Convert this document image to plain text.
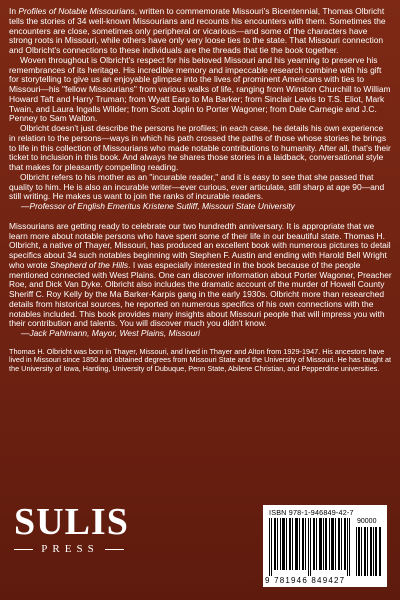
In Profiles of Notable Missourians, written to commemorate Missouri's Bicentennial, Thomas Olbricht tells the stories of 34 well-known Missourians and recounts his encounters with them. Sometimes the encounters are close, sometimes only peripheral or vicarious—and some of the characters have strong roots in Missouri, while others have only very loose ties to the state. That Missouri connection and Olbricht's connections to these individuals are the threads that tie the book together.

Woven throughout is Olbricht's respect for his beloved Missouri and his yearning to preserve his remembrances of its heritage. His incredible memory and impeccable research combine with his gift for storytelling to give us an enjoyable glimpse into the lives of prominent Americans with ties to Missouri—his "fellow Missourians" from various walks of life, ranging from Winston Churchill to William Howard Taft and Harry Truman; from Wyatt Earp to Ma Barker; from Sinclair Lewis to T.S. Eliot, Mark Twain, and Laura Ingalls Wilder; from Scott Joplin to Porter Wagoner; from Dale Carnegie and J.C. Penney to Sam Walton.

Olbricht doesn't just describe the persons he profiles; in each case, he details his own experience in relation to the persons—ways in which his path crossed the paths of those whose stories he brings to life in this collection of Missourians who made notable contributions to humanity. After all, that's their ticket to inclusion in this book. And always he shares those stories in a laidback, conversational style that makes for pleasantly compelling reading.

Olbricht refers to his mother as an "incurable reader," and it is easy to see that she passed that quality to him. He is also an incurable writer—ever curious, ever articulate, still sharp at age 90—and still writing. He makes us want to join the ranks of incurable readers.

—Professor of English Emeritus Kristene Sutliff, Missouri State University

Missourians are getting ready to celebrate our two hundredth anniversary. It is appropriate that we learn more about notable persons who have spent some of their life in our beautiful state. Thomas H. Olbricht, a native of Thayer, Missouri, has produced an excellent book with numerous pictures to detail specifics about 34 such notables beginning with Stephen F. Austin and ending with Harold Bell Wright who wrote Shepherd of the Hills. I was especially interested in the book because of the people mentioned connected with West Plains. One can discover information about Porter Wagoner, Preacher Roe, and Dick Van Dyke. Olbricht also includes the dramatic account of the murder of Howell County Sheriff C. Roy Kelly by the Ma Barker-Karpis gang in the early 1930s. Olbricht more than researched details from historical sources, he reported on numerous specifics of his own connections with the notables included. This book provides many insights about Missouri people that will impress you with their contribution and talents. You will discover much you didn't know.

—Jack Pahlmann, Mayor, West Plains, Missouri

Thomas H. Olbricht was born in Thayer, Missouri, and lived in Thayer and Alton from 1929-1947. His ancestors have lived in Missouri since 1850 and obtained degrees from Missouri State and the University of Missouri. He has taught at the University of Iowa, Harding, University of Dubuque, Penn State, Abilene Christian, and Pepperdine universities.

SULIS
PRESS
ISBN 978-1-946849-42-7
90000
9 781946 849427
